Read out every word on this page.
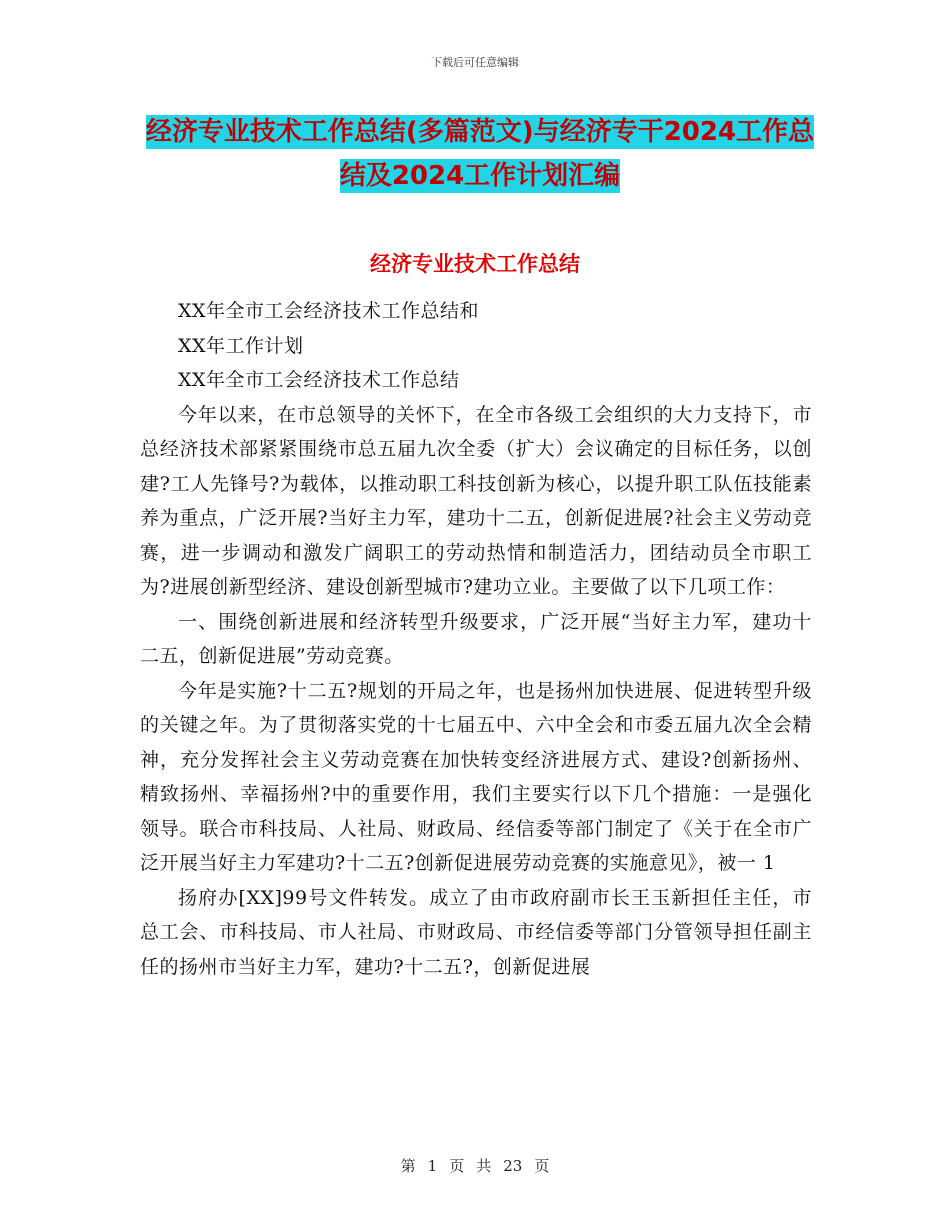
下载后可任意编辑
经济专业技术工作总结(多篇范文)与经济专干2024工作总结及2024工作计划汇编
经济专业技术工作总结

XX年全市工会经济技术工作总结和

XX年工作计划

XX年全市工会经济技术工作总结

今年以来，在市总领导的关怀下，在全市各级工会组织的大力支持下，市总经济技术部紧紧围绕市总五届九次全委（扩大）会议确定的目标任务，以创建?工人先锋号?为载体，以推动职工科技创新为核心，以提升职工队伍技能素养为重点，广泛开展?当好主力军，建功十二五，创新促进展?社会主义劳动竞赛，进一步调动和激发广阔职工的劳动热情和制造活力，团结动员全市职工为?进展创新型经济、建设创新型城市?建功立业。主要做了以下几项工作：

一、围绕创新进展和经济转型升级要求，广泛开展“当好主力军，建功十二五，创新促进展”劳动竞赛。

今年是实施?十二五?规划的开局之年，也是扬州加快进展、促进转型升级的关键之年。为了贯彻落实党的十七届五中、六中全会和市委五届九次全会精神，充分发挥社会主义劳动竞赛在加快转变经济进展方式、建设?创新扬州、精致扬州、幸福扬州?中的重要作用，我们主要实行以下几个措施：一是强化领导。联合市科技局、人社局、财政局、经信委等部门制定了《关于在全市广泛开展当好主力军建功?十二五?创新促进展劳动竞赛的实施意见》，被一 1

扬府办[XX]99号文件转发。成立了由市政府副市长王玉新担任主任，市总工会、市科技局、市人社局、市财政局、市经信委等部门分管领导担任副主任的扬州市当好主力军，建功?十二五?，创新促进展

第 1 页 共 23 页
